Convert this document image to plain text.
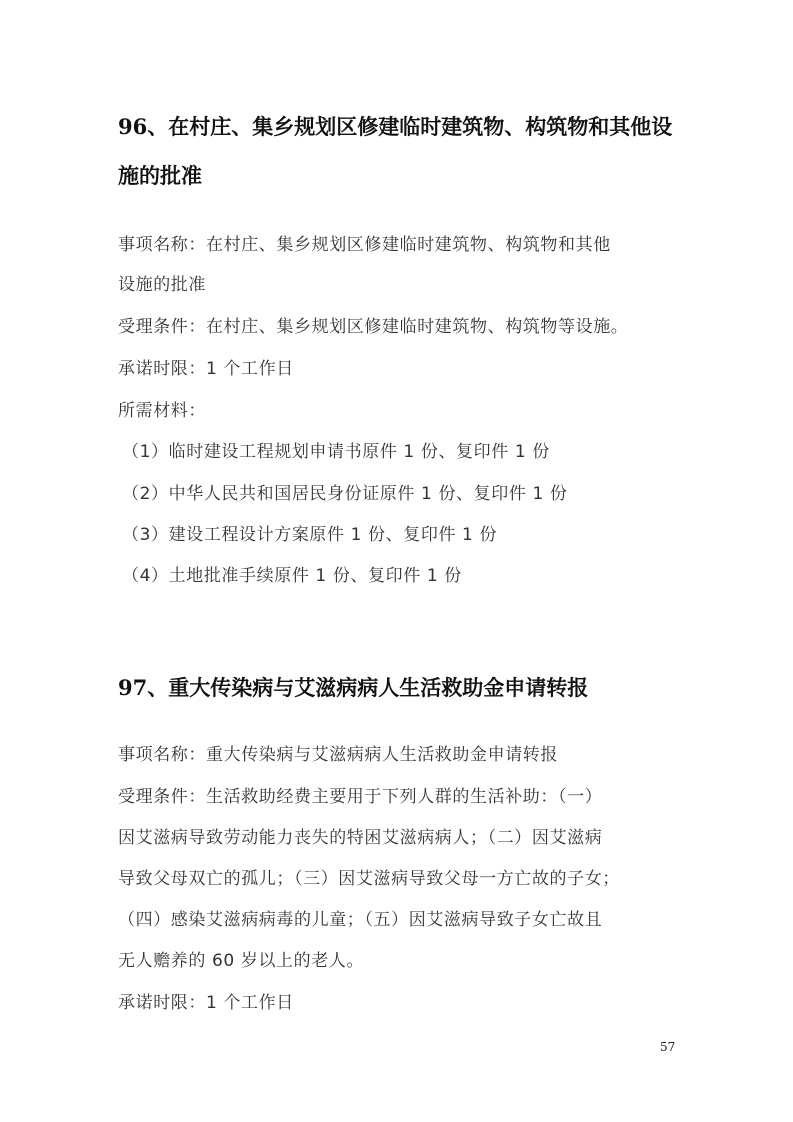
96、在村庄、集乡规划区修建临时建筑物、构筑物和其他设
施的批准
事项名称：在村庄、集乡规划区修建临时建筑物、构筑物和其他
设施的批准
受理条件：在村庄、集乡规划区修建临时建筑物、构筑物等设施。
承诺时限：1 个工作日
所需材料：
（1）临时建设工程规划申请书原件 1 份、复印件 1 份
（2）中华人民共和国居民身份证原件 1 份、复印件 1 份
（3）建设工程设计方案原件 1 份、复印件 1 份
（4）土地批准手续原件 1 份、复印件 1 份
97、重大传染病与艾滋病病人生活救助金申请转报
事项名称：重大传染病与艾滋病病人生活救助金申请转报
受理条件：生活救助经费主要用于下列人群的生活补助：（一）
因艾滋病导致劳动能力丧失的特困艾滋病病人；（二）因艾滋病
导致父母双亡的孤儿；（三）因艾滋病导致父母一方亡故的子女；
（四）感染艾滋病病毒的儿童；（五）因艾滋病导致子女亡故且
无人赡养的 60 岁以上的老人。
承诺时限：1 个工作日
57
